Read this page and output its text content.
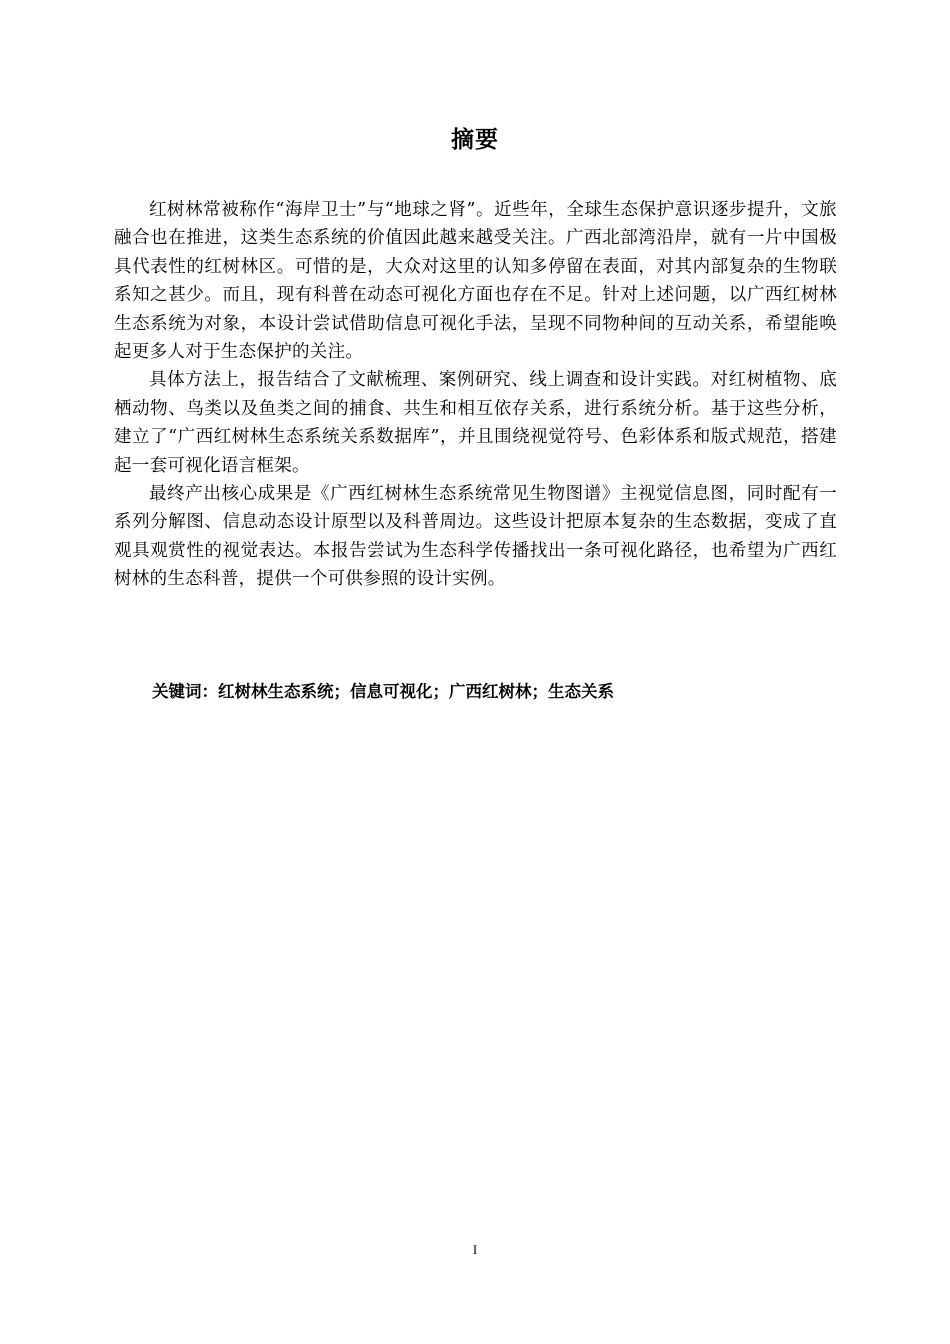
摘要

红树林常被称作“海岸卫士”与“地球之肾”。近些年，全球生态保护意识逐步提升，文旅融合也在推进，这类生态系统的价值因此越来越受关注。广西北部湾沿岸，就有一片中国极具代表性的红树林区。可惜的是，大众对这里的认知多停留在表面，对其内部复杂的生物联系知之甚少。而且，现有科普在动态可视化方面也存在不足。针对上述问题，以广西红树林生态系统为对象，本设计尝试借助信息可视化手法，呈现不同物种间的互动关系，希望能唤起更多人对于生态保护的关注。

具体方法上，报告结合了文献梳理、案例研究、线上调查和设计实践。对红树植物、底栖动物、鸟类以及鱼类之间的捕食、共生和相互依存关系，进行系统分析。基于这些分析，建立了“广西红树林生态系统关系数据库”，并且围绕视觉符号、色彩体系和版式规范，搭建起一套可视化语言框架。

最终产出核心成果是《广西红树林生态系统常见生物图谱》主视觉信息图，同时配有一系列分解图、信息动态设计原型以及科普周边。这些设计把原本复杂的生态数据，变成了直观具观赏性的视觉表达。本报告尝试为生态科学传播找出一条可视化路径，也希望为广西红树林的生态科普，提供一个可供参照的设计实例。

关键词：红树林生态系统；信息可视化；广西红树林；生态关系
I
